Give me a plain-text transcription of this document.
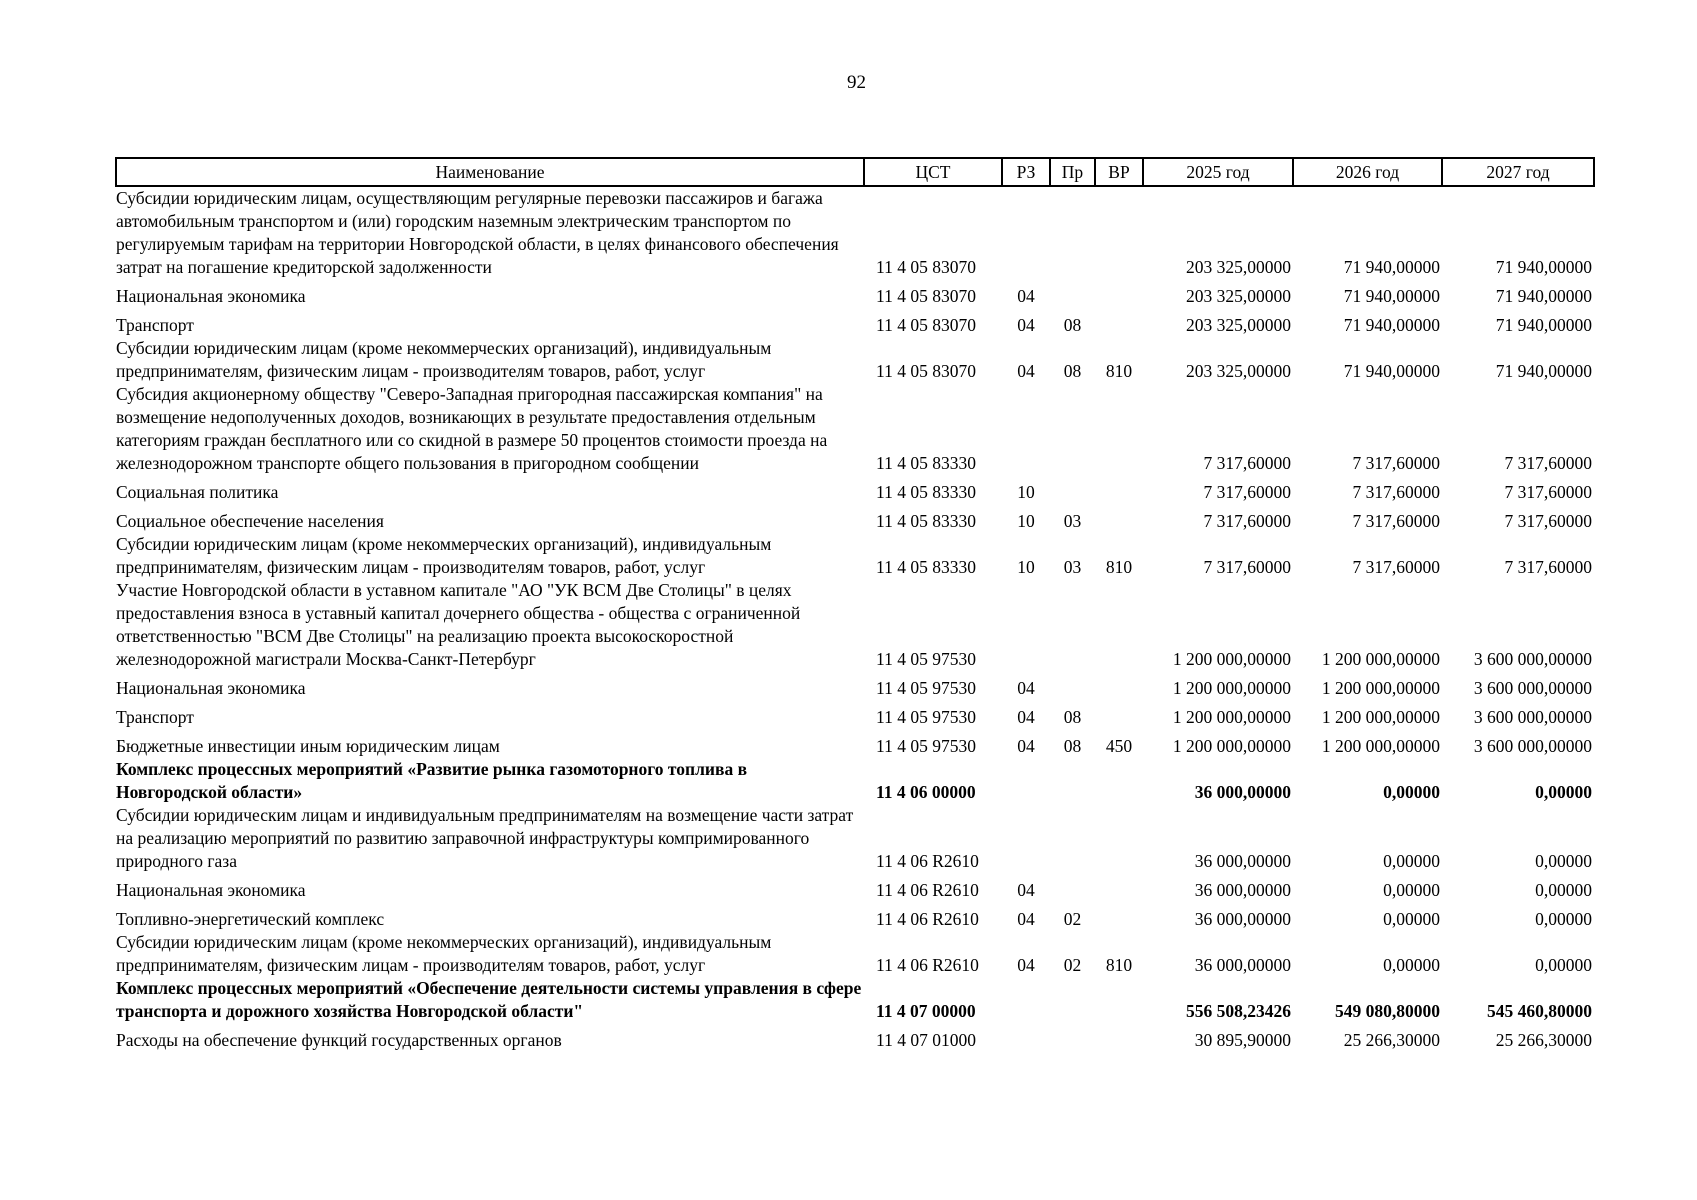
92
Наименование	ЦСТ	РЗ	Пр	ВР	2025 год	2026 год	2027 год
Субсидии юридическим лицам, осуществляющим регулярные перевозки пассажиров и багажа автомобильным транспортом и (или) городским наземным электрическим транспортом по регулируемым тарифам на территории Новгородской области, в целях финансового обеспечения затрат на погашение кредиторской задолженности	11 4 05 83070				203 325,00000	71 940,00000	71 940,00000
Национальная экономика	11 4 05 83070	04			203 325,00000	71 940,00000	71 940,00000
Транспорт	11 4 05 83070	04	08		203 325,00000	71 940,00000	71 940,00000
Субсидии юридическим лицам (кроме некоммерческих организаций), индивидуальным предпринимателям, физическим лицам - производителям товаров, работ, услуг	11 4 05 83070	04	08	810	203 325,00000	71 940,00000	71 940,00000
Субсидия акционерному обществу "Северо-Западная пригородная пассажирская компания" на возмещение недополученных доходов, возникающих в результате предоставления отдельным категориям граждан бесплатного или со скидной в размере 50 процентов стоимости проезда на железнодорожном транспорте общего пользования в пригородном сообщении	11 4 05 83330				7 317,60000	7 317,60000	7 317,60000
Социальная политика	11 4 05 83330	10			7 317,60000	7 317,60000	7 317,60000
Социальное обеспечение населения	11 4 05 83330	10	03		7 317,60000	7 317,60000	7 317,60000
Субсидии юридическим лицам (кроме некоммерческих организаций), индивидуальным предпринимателям, физическим лицам - производителям товаров, работ, услуг	11 4 05 83330	10	03	810	7 317,60000	7 317,60000	7 317,60000
Участие Новгородской области в уставном капитале "АО "УК ВСМ Две Столицы" в целях предоставления взноса в уставный капитал дочернего общества - общества с ограниченной ответственностью "ВСМ Две Столицы" на реализацию проекта высокоскоростной железнодорожной магистрали Москва-Санкт-Петербург	11 4 05 97530				1 200 000,00000	1 200 000,00000	3 600 000,00000
Национальная экономика	11 4 05 97530	04			1 200 000,00000	1 200 000,00000	3 600 000,00000
Транспорт	11 4 05 97530	04	08		1 200 000,00000	1 200 000,00000	3 600 000,00000
Бюджетные инвестиции иным юридическим лицам	11 4 05 97530	04	08	450	1 200 000,00000	1 200 000,00000	3 600 000,00000
Комплекс процессных мероприятий «Развитие рынка газомоторного топлива в Новгородской области»	11 4 06 00000				36 000,00000	0,00000	0,00000
Субсидии юридическим лицам и индивидуальным предпринимателям на возмещение части затрат на реализацию мероприятий по развитию заправочной инфраструктуры компримированного природного газа	11 4 06 R2610				36 000,00000	0,00000	0,00000
Национальная экономика	11 4 06 R2610	04			36 000,00000	0,00000	0,00000
Топливно-энергетический комплекс	11 4 06 R2610	04	02		36 000,00000	0,00000	0,00000
Субсидии юридическим лицам (кроме некоммерческих организаций), индивидуальным предпринимателям, физическим лицам - производителям товаров, работ, услуг	11 4 06 R2610	04	02	810	36 000,00000	0,00000	0,00000
Комплекс процессных мероприятий «Обеспечение деятельности системы управления в сфере транспорта и дорожного хозяйства Новгородской области"	11 4 07 00000				556 508,23426	549 080,80000	545 460,80000
Расходы на обеспечение функций государственных органов	11 4 07 01000				30 895,90000	25 266,30000	25 266,30000
